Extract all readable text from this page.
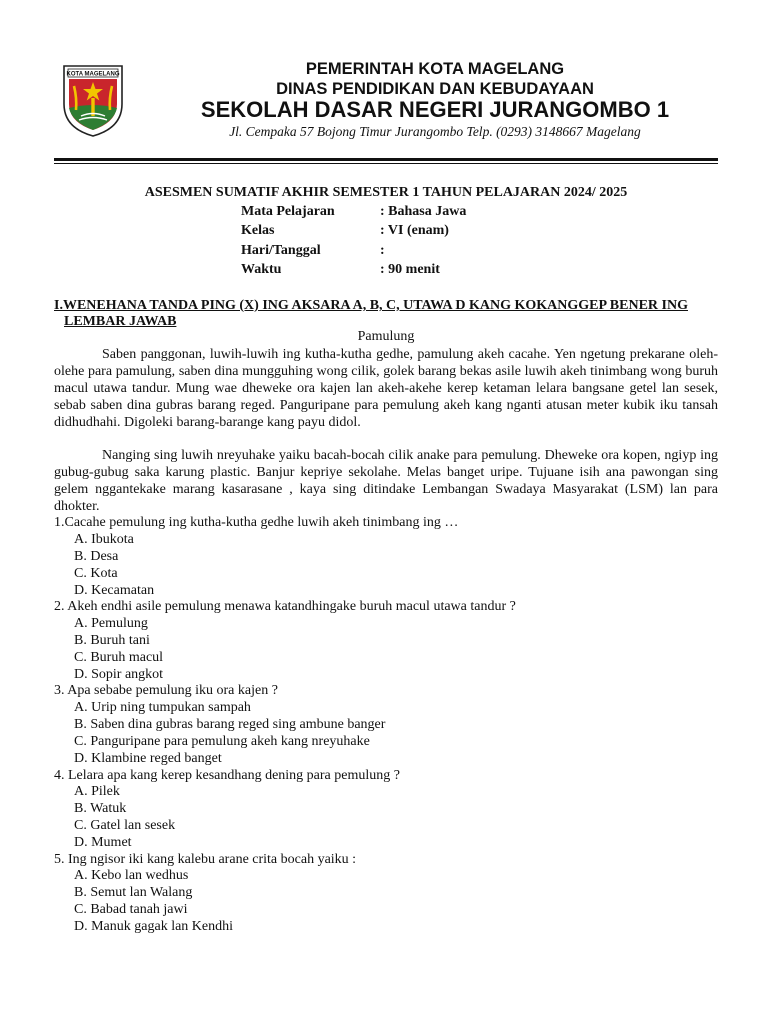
KOTA MAGELANG	PEMERINTAH KOTA MAGELANG
DINAS PENDIDIKAN DAN KEBUDAYAAN
SEKOLAH DASAR NEGERI JURANGOMBO 1
Jl. Cempaka 57 Bojong Timur Jurangombo Telp. (0293) 3148667 Magelang
ASESMEN SUMATIF AKHIR SEMESTER 1 TAHUN PELAJARAN 2024/ 2025
Mata Pelajaran	: Bahasa Jawa
Kelas	: VI (enam)
Hari/Tanggal	:
Waktu	: 90 menit
I.WENEHANA TANDA PING (X) ING AKSARA A, B, C, UTAWA D KANG KOKANGGEP BENER ING LEMBAR JAWAB
Pamulung

Saben panggonan, luwih-luwih ing kutha-kutha gedhe, pamulung akeh cacahe. Yen ngetung prekarane oleh-olehe para pamulung, saben dina mungguhing wong cilik, golek barang bekas asile luwih akeh tinimbang wong buruh macul utawa tandur. Mung wae dheweke ora kajen lan akeh-akehe kerep ketaman lelara bangsane getel lan sesek, sebab saben dina gubras barang reged. Panguripane para pemulung akeh kang nganti atusan meter kubik iku tansah didhudhahi. Digoleki barang-barange kang payu didol.

Nanging sing luwih nreyuhake yaiku bacah-bocah cilik anake para pemulung. Dheweke ora kopen, ngiyp ing gubug-gubug saka karung plastic. Banjur kepriye sekolahe. Melas banget uripe. Tujuane isih ana pawongan sing gelem nggantekake marang kasarasane , kaya sing ditindake Lembangan Swadaya Masyarakat (LSM) lan para dhokter.

1.Cacahe pemulung ing kutha-kutha gedhe luwih akeh tinimbang ing …
A. Ibukota
B. Desa
C. Kota
D. Kecamatan
2. Akeh endhi asile pemulung menawa katandhingake buruh macul utawa tandur ?
A. Pemulung
B. Buruh tani
C. Buruh macul
D. Sopir angkot
3. Apa sebabe pemulung iku ora kajen ?
A. Urip ning tumpukan sampah
B. Saben dina gubras barang reged sing ambune banger
C. Panguripane para pemulung akeh kang nreyuhake
D. Klambine reged banget
4. Lelara apa kang kerep kesandhang dening para pemulung ?
A. Pilek
B. Watuk
C. Gatel lan sesek
D. Mumet
5. Ing ngisor iki kang kalebu arane crita bocah yaiku :
A. Kebo lan wedhus
B. Semut lan Walang
C. Babad tanah jawi
D. Manuk gagak lan Kendhi
